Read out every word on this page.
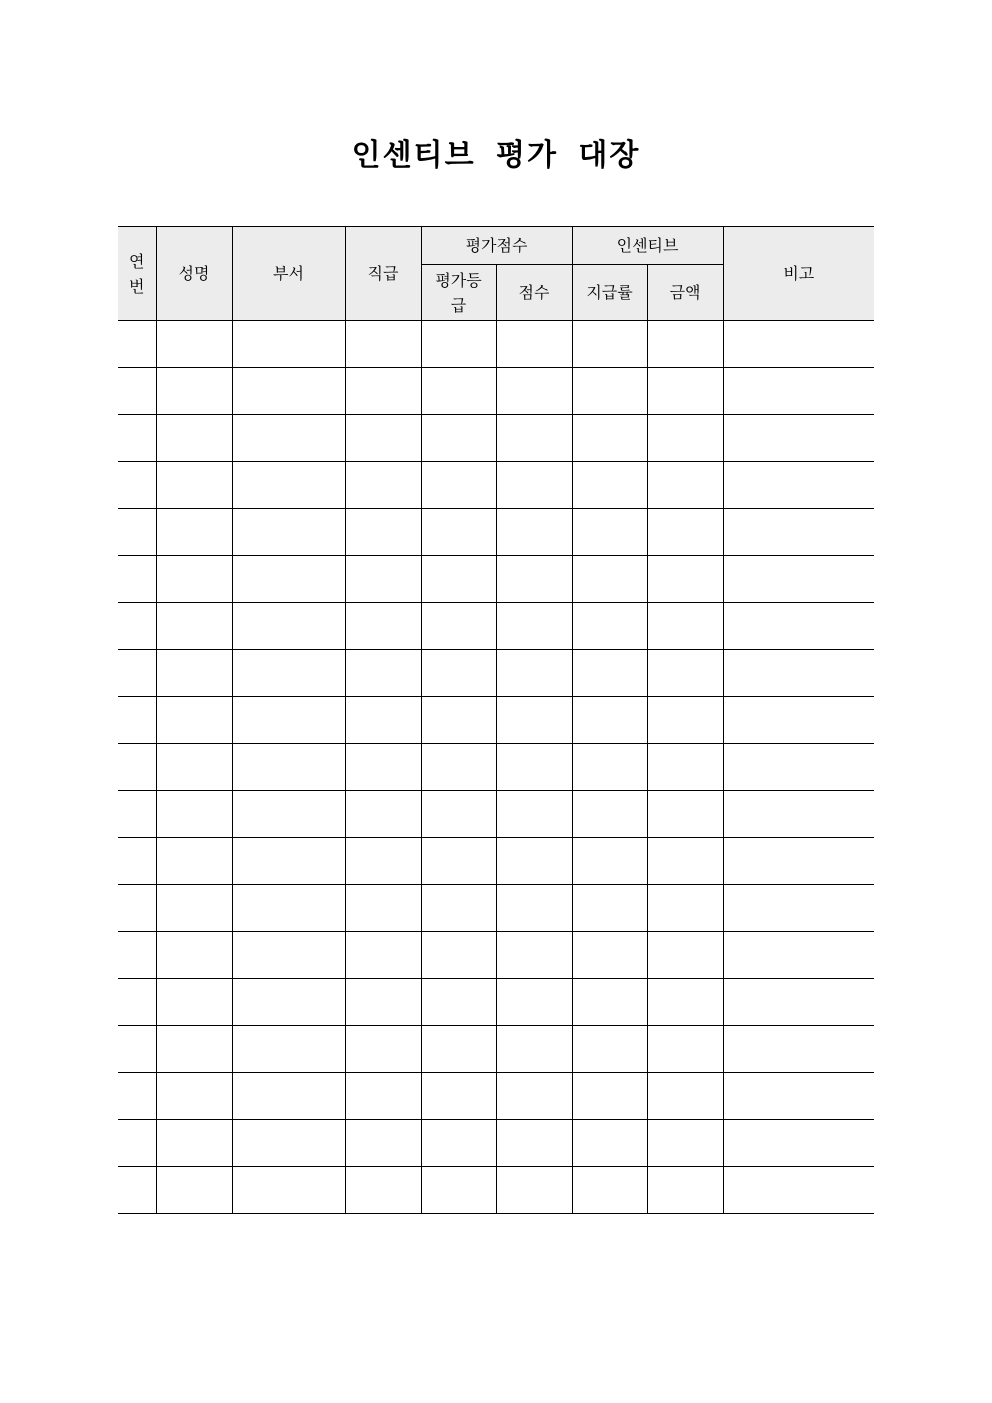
인센티브 평가 대장
연번	성명	부서	직급	평가점수		인센티브		비고
				평가등급	점수	지급률	금액	
